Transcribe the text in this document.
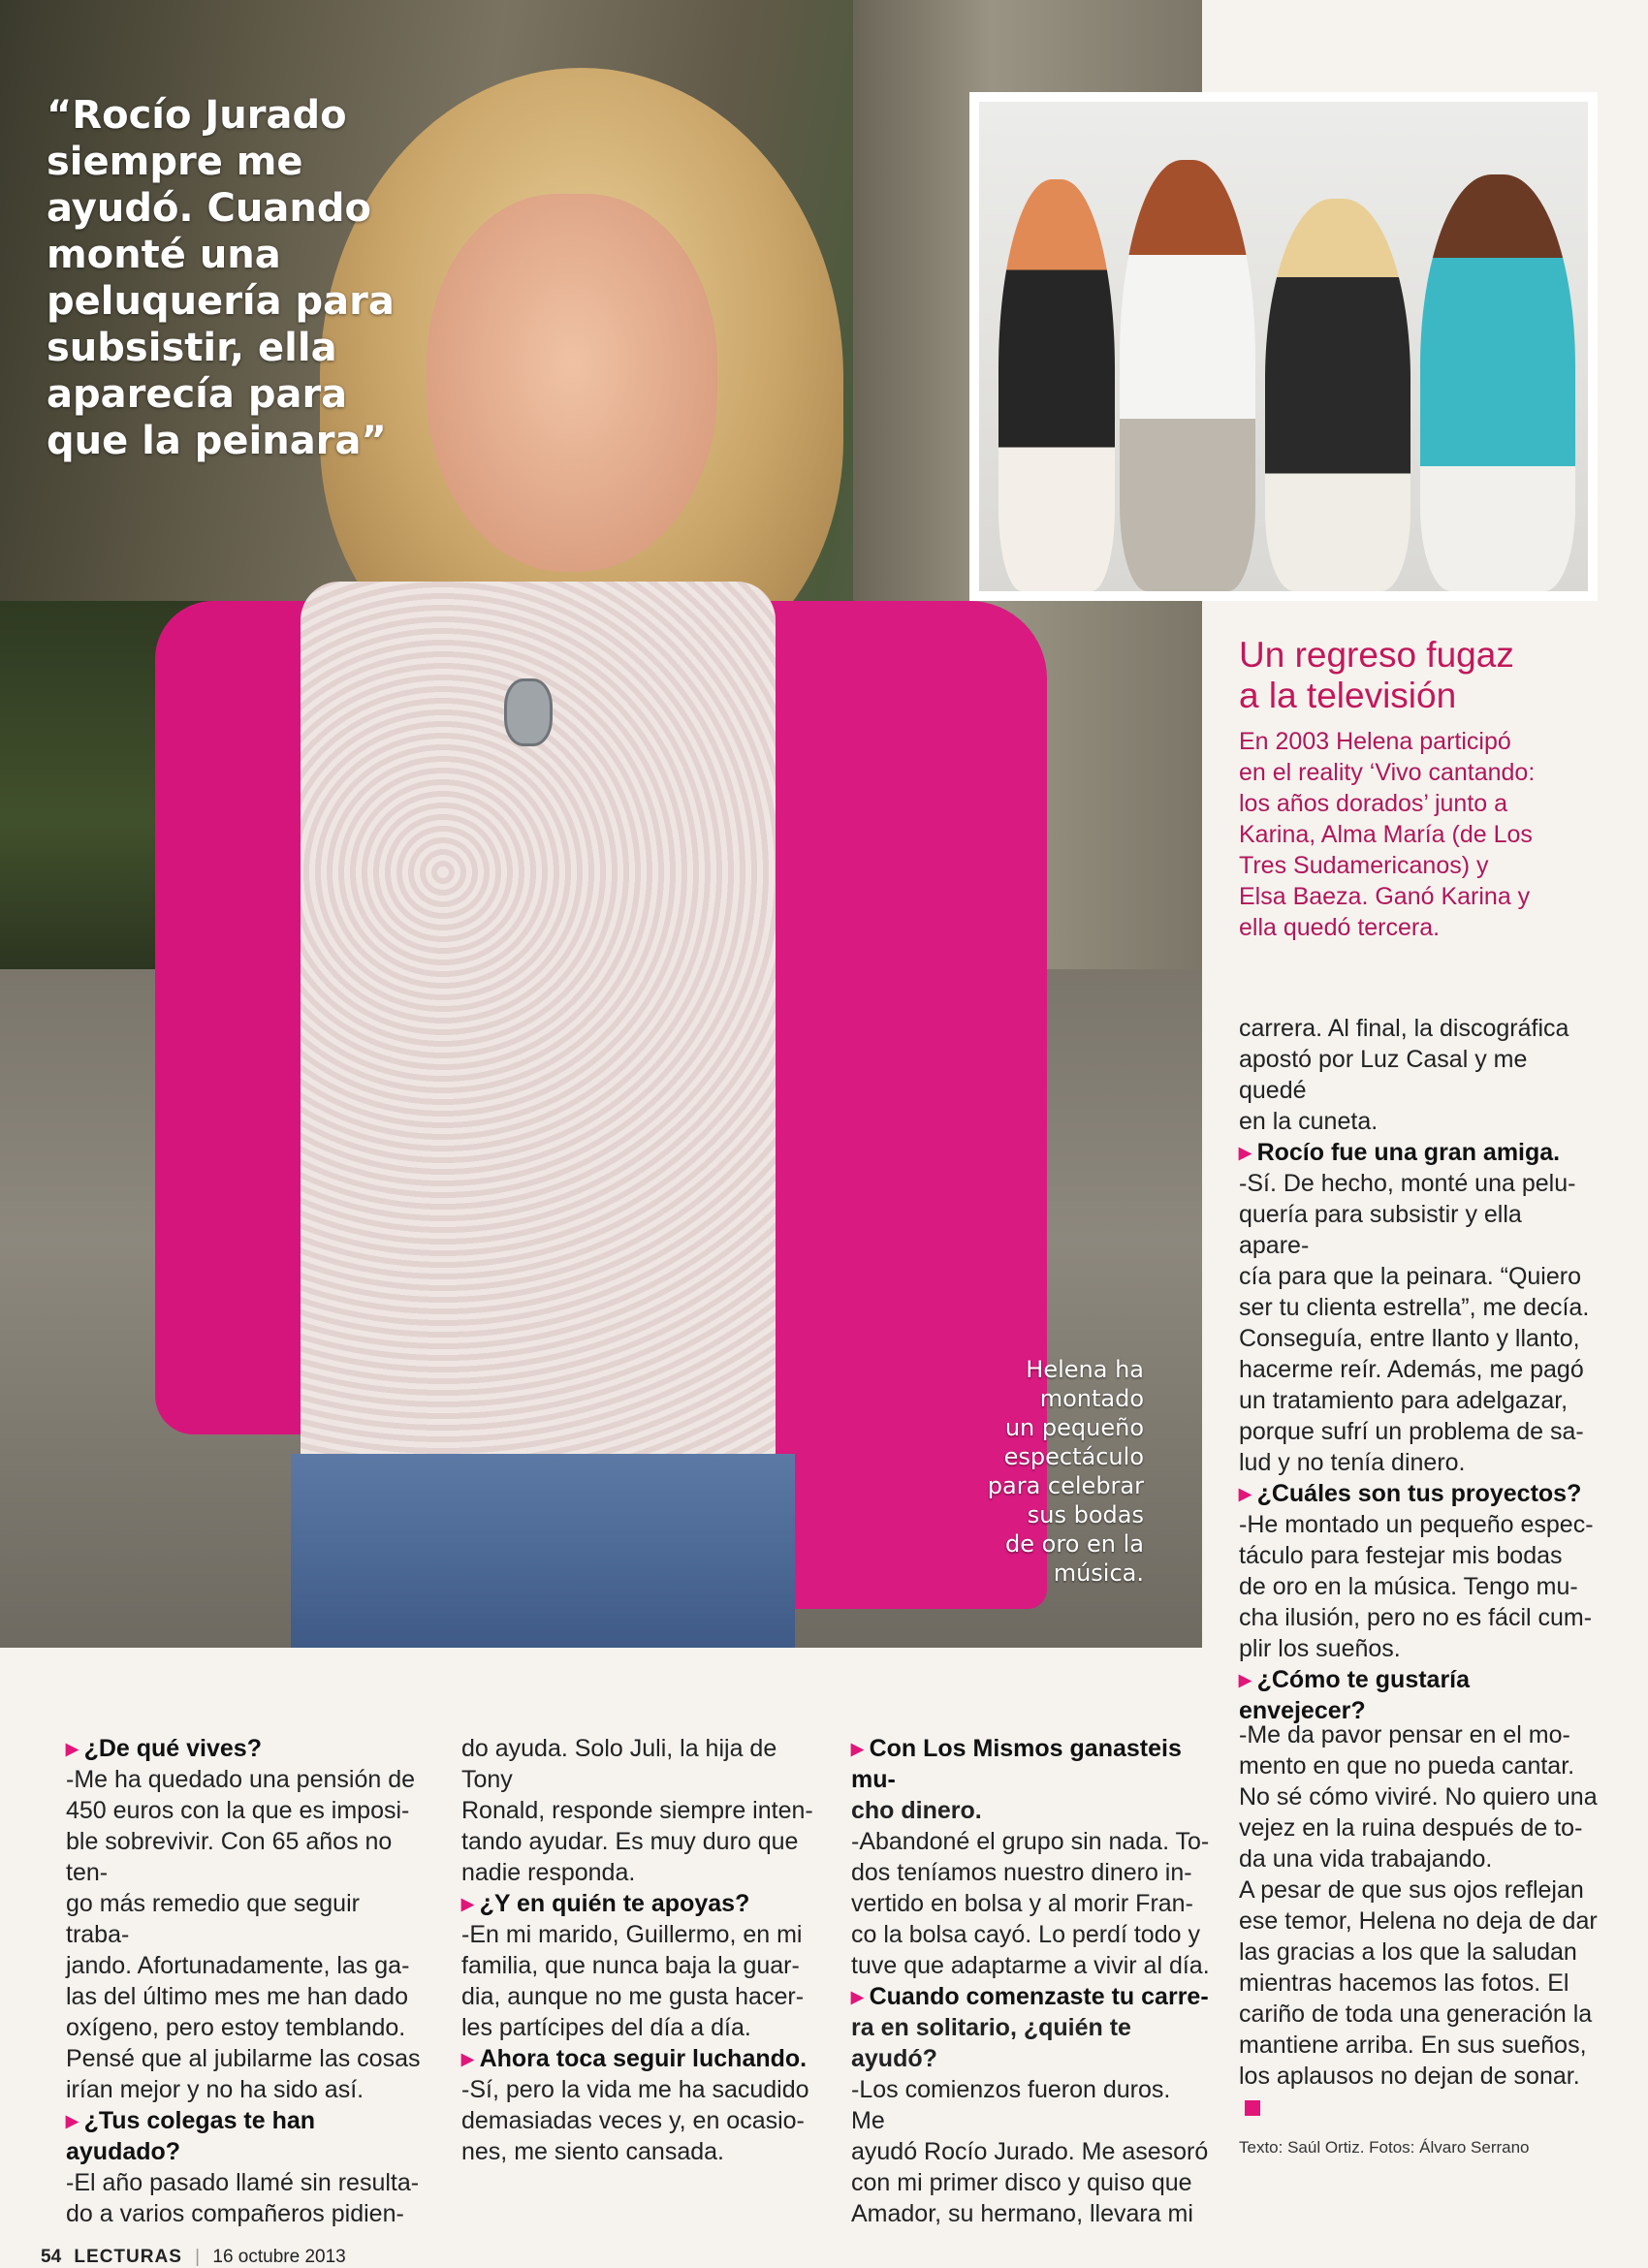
“Rocío Jurado
siempre me
ayudó. Cuando
monté una
peluquería para
subsistir, ella
aparecía para
que la peinara”

Helena ha
montado
un pequeño
espectáculo
para celebrar
sus bodas
de oro en la
música.

Un regreso fugaz
a la televisión

En 2003 Helena participó
en el reality ‘Vivo cantando:
los años dorados’ junto a
Karina, Alma María (de Los
Tres Sudamericanos) y
Elsa Baeza. Ganó Karina y
ella quedó tercera.

carrera. Al final, la discográfica
apostó por Luz Casal y me quedé
en la cuneta.
▸ Rocío fue una gran amiga.
-Sí. De hecho, monté una pelu-
quería para subsistir y ella apare-
cía para que la peinara. “Quiero
ser tu clienta estrella”, me decía.
Conseguía, entre llanto y llanto,
hacerme reír. Además, me pagó
un tratamiento para adelgazar,
porque sufrí un problema de sa-
lud y no tenía dinero.
▸ ¿Cuáles son tus proyectos?
-He montado un pequeño espec-
táculo para festejar mis bodas
de oro en la música. Tengo mu-
cha ilusión, pero no es fácil cum-
plir los sueños.
▸ ¿Cómo te gustaría envejecer?
▸ ¿De qué vives?
-Me ha quedado una pensión de
450 euros con la que es imposi-
ble sobrevivir. Con 65 años no ten-
go más remedio que seguir traba-
jando. Afortunadamente, las ga-
las del último mes me han dado
oxígeno, pero estoy temblando.
Pensé que al jubilarme las cosas
irían mejor y no ha sido así.
▸ ¿Tus colegas te han ayudado?
-El año pasado llamé sin resulta-
do a varios compañeros pidien-
do ayuda. Solo Juli, la hija de Tony
Ronald, responde siempre inten-
tando ayudar. Es muy duro que
nadie responda.
▸ ¿Y en quién te apoyas?
-En mi marido, Guillermo, en mi
familia, que nunca baja la guar-
dia, aunque no me gusta hacer-
les partícipes del día a día.
▸ Ahora toca seguir luchando.
-Sí, pero la vida me ha sacudido
demasiadas veces y, en ocasio-
nes, me siento cansada.
▸ Con Los Mismos ganasteis mu-
cho dinero.
-Abandoné el grupo sin nada. To-
dos teníamos nuestro dinero in-
vertido en bolsa y al morir Fran-
co la bolsa cayó. Lo perdí todo y
tuve que adaptarme a vivir al día.
▸ Cuando comenzaste tu carre-
ra en solitario, ¿quién te ayudó?
-Los comienzos fueron duros. Me
ayudó Rocío Jurado. Me asesoró
con mi primer disco y quiso que
Amador, su hermano, llevara mi
-Me da pavor pensar en el mo-
mento en que no pueda cantar.
No sé cómo viviré. No quiero una
vejez en la ruina después de to-
da una vida trabajando.
A pesar de que sus ojos reflejan
ese temor, Helena no deja de dar
las gracias a los que la saludan
mientras hacemos las fotos. El
cariño de toda una generación la
mantiene arriba. En sus sueños,
los aplausos no dejan de sonar.
Texto: Saúl Ortiz. Fotos: Álvaro Serrano
54 LECTURAS | 16 octubre 2013
